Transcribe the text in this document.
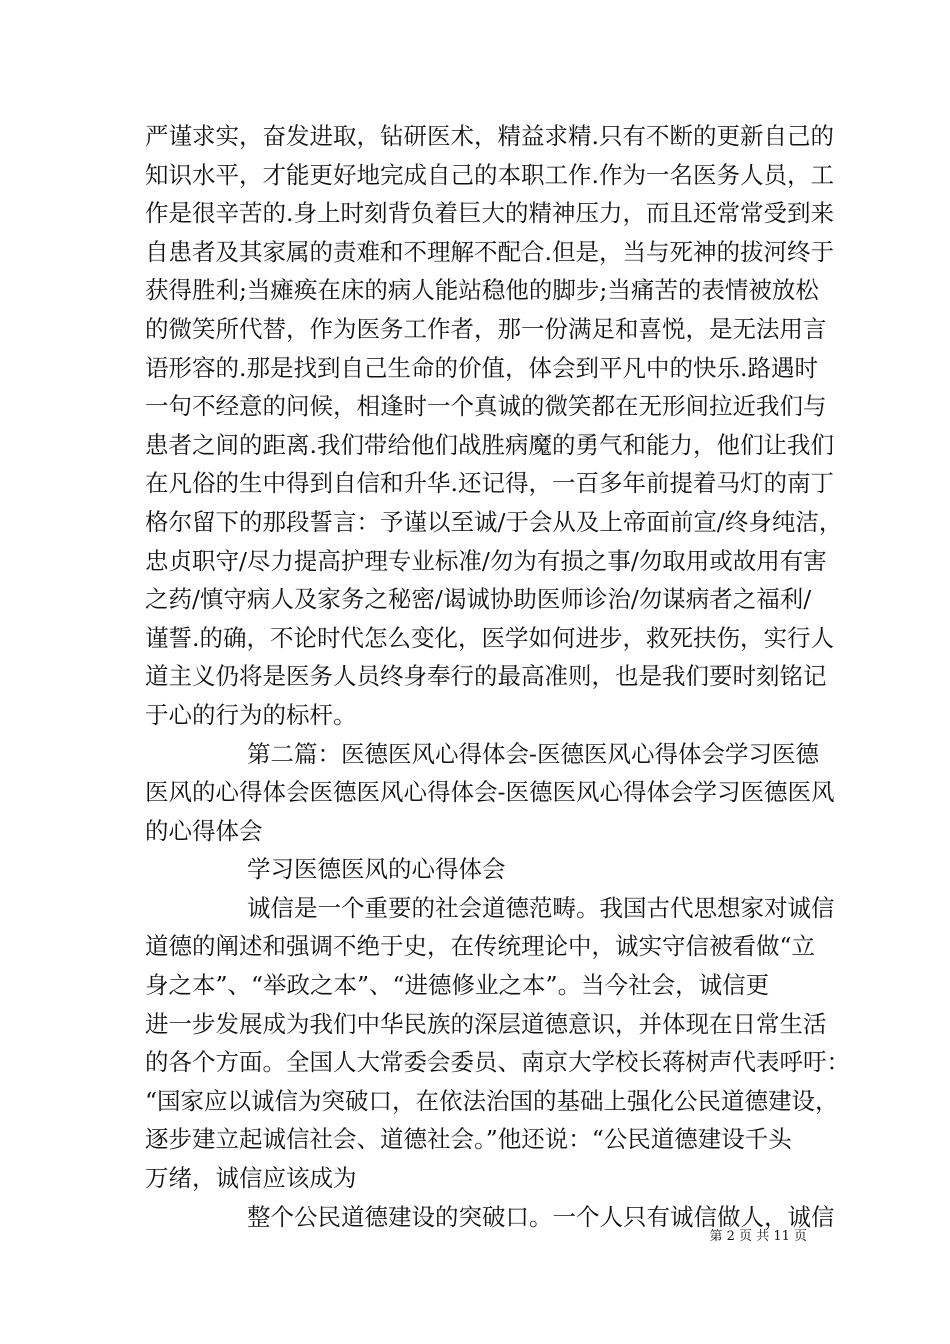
严谨求实，奋发进取，钻研医术，精益求精.只有不断的更新自己的
知识水平，才能更好地完成自己的本职工作.作为一名医务人员，工
作是很辛苦的.身上时刻背负着巨大的精神压力，而且还常常受到来
自患者及其家属的责难和不理解不配合.但是，当与死神的拔河终于
获得胜利;当瘫痪在床的病人能站稳他的脚步;当痛苦的表情被放松
的微笑所代替，作为医务工作者，那一份满足和喜悦，是无法用言
语形容的.那是找到自己生命的价值，体会到平凡中的快乐.路遇时
一句不经意的问候，相逢时一个真诚的微笑都在无形间拉近我们与
患者之间的距离.我们带给他们战胜病魔的勇气和能力，他们让我们
在凡俗的生中得到自信和升华.还记得，一百多年前提着马灯的南丁
格尔留下的那段誓言：予谨以至诚/于会从及上帝面前宣/终身纯洁，
忠贞职守/尽力提高护理专业标准/勿为有损之事/勿取用或故用有害
之药/慎守病人及家务之秘密/谒诚协助医师诊治/勿谋病者之福利/
谨誓.的确，不论时代怎么变化，医学如何进步，救死扶伤，实行人
道主义仍将是医务人员终身奉行的最高准则，也是我们要时刻铭记
于心的行为的标杆。
第二篇：医德医风心得体会-医德医风心得体会学习医德
医风的心得体会医德医风心得体会-医德医风心得体会学习医德医风
的心得体会
学习医德医风的心得体会
诚信是一个重要的社会道德范畴。我国古代思想家对诚信
道德的阐述和强调不绝于史，在传统理论中，诚实守信被看做“立
身之本”、“举政之本”、“进德修业之本”。当今社会，诚信更
进一步发展成为我们中华民族的深层道德意识，并体现在日常生活
的各个方面。全国人大常委会委员、南京大学校长蒋树声代表呼吁：
“国家应以诚信为突破口，在依法治国的基础上强化公民道德建设，
逐步建立起诚信社会、道德社会。”他还说：“公民道德建设千头
万绪，诚信应该成为
整个公民道德建设的突破口。一个人只有诚信做人，诚信
第 2 页 共 11 页
